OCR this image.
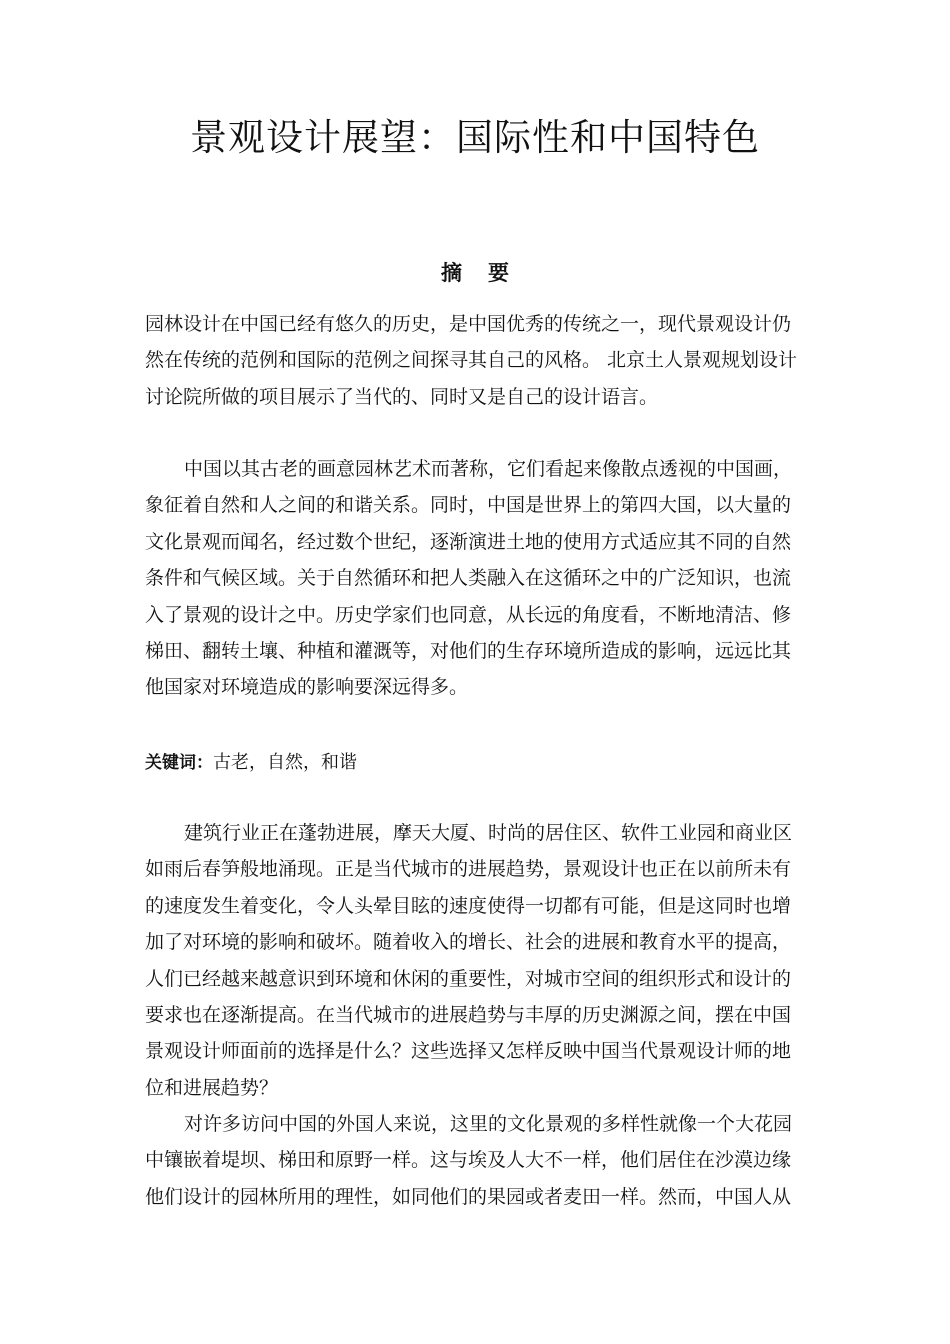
景观设计展望：国际性和中国特色
摘要
园林设计在中国已经有悠久的历史，是中国优秀的传统之一，现代景观设计仍
然在传统的范例和国际的范例之间探寻其自己的风格。 北京土人景观规划设计
讨论院所做的项目展示了当代的、同时又是自己的设计语言。
中国以其古老的画意园林艺术而著称，它们看起来像散点透视的中国画，
象征着自然和人之间的和谐关系。同时，中国是世界上的第四大国，以大量的
文化景观而闻名，经过数个世纪，逐渐演进土地的使用方式适应其不同的自然
条件和气候区域。关于自然循环和把人类融入在这循环之中的广泛知识，也流
入了景观的设计之中。历史学家们也同意，从长远的角度看，不断地清洁、修
梯田、翻转土壤、种植和灌溉等，对他们的生存环境所造成的影响，远远比其
他国家对环境造成的影响要深远得多。
关键词：古老，自然，和谐
建筑行业正在蓬勃进展，摩天大厦、时尚的居住区、软件工业园和商业区
如雨后春笋般地涌现。正是当代城市的进展趋势，景观设计也正在以前所未有
的速度发生着变化，令人头晕目眩的速度使得一切都有可能，但是这同时也增
加了对环境的影响和破坏。随着收入的增长、社会的进展和教育水平的提高，
人们已经越来越意识到环境和休闲的重要性，对城市空间的组织形式和设计的
要求也在逐渐提高。在当代城市的进展趋势与丰厚的历史渊源之间，摆在中国
景观设计师面前的选择是什么？这些选择又怎样反映中国当代景观设计师的地
位和进展趋势？
对许多访问中国的外国人来说，这里的文化景观的多样性就像一个大花园
中镶嵌着堤坝、梯田和原野一样。这与埃及人大不一样，他们居住在沙漠边缘
他们设计的园林所用的理性，如同他们的果园或者麦田一样。然而，中国人从
